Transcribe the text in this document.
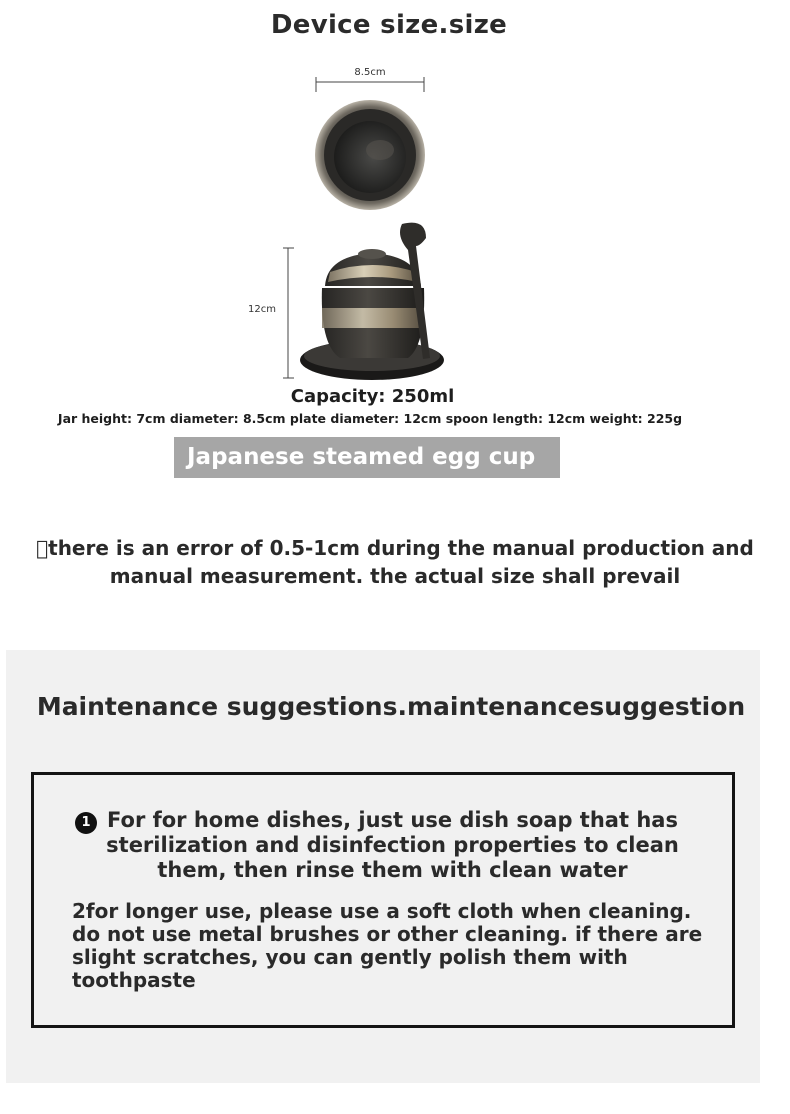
Device size.size
8.5cm
12cm
Capacity: 250ml
Jar height: 7cm diameter: 8.5cm plate diameter: 12cm spoon length: 12cm weight: 225g
Japanese steamed egg cup
 there is an error of 0.5-1cm during the manual production and manual measurement. the actual size shall prevail
Maintenance suggestions.maintenancesuggestion
1 For for home dishes, just use dish soap that has sterilization and disinfection properties to clean them, then rinse them with clean water
2for longer use, please use a soft cloth when cleaning. do not use metal brushes or other cleaning. if there are slight scratches, you can gently polish them with toothpaste
